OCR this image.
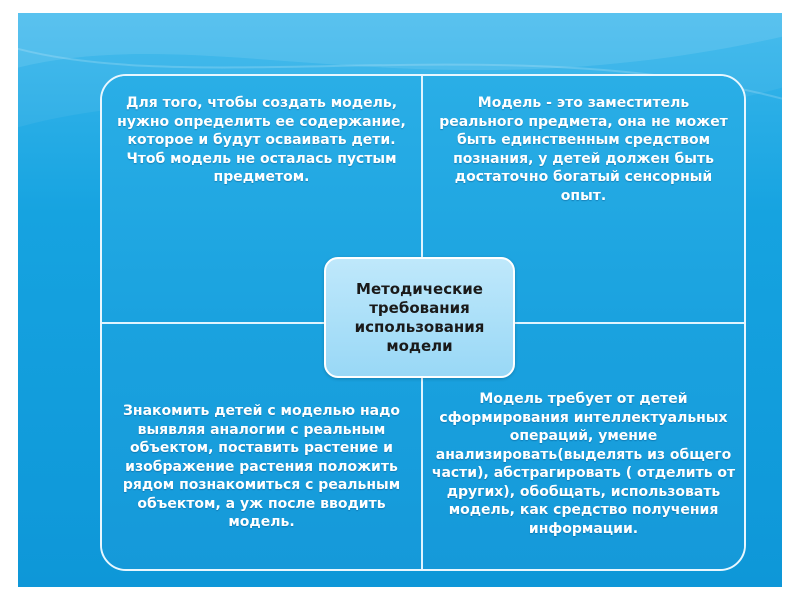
Для того, чтобы создать модель, нужно определить ее содержание, которое и будут осваивать дети. Чтоб модель не осталась пустым предметом.
Модель - это заместитель реального предмета, она не может быть единственным средством познания, у детей должен быть достаточно богатый сенсорный опыт.
Знакомить детей с моделью надо выявляя аналогии с реальным объектом, поставить растение и изображение растения положить рядом познакомиться с реальным объектом, а уж после вводить модель.
Модель требует от детей сформирования интеллектуальных операций, умение анализировать(выделять из общего части), абстрагировать ( отделить от других), обобщать, использовать модель, как средство получения информации.
Методические требования использования модели
